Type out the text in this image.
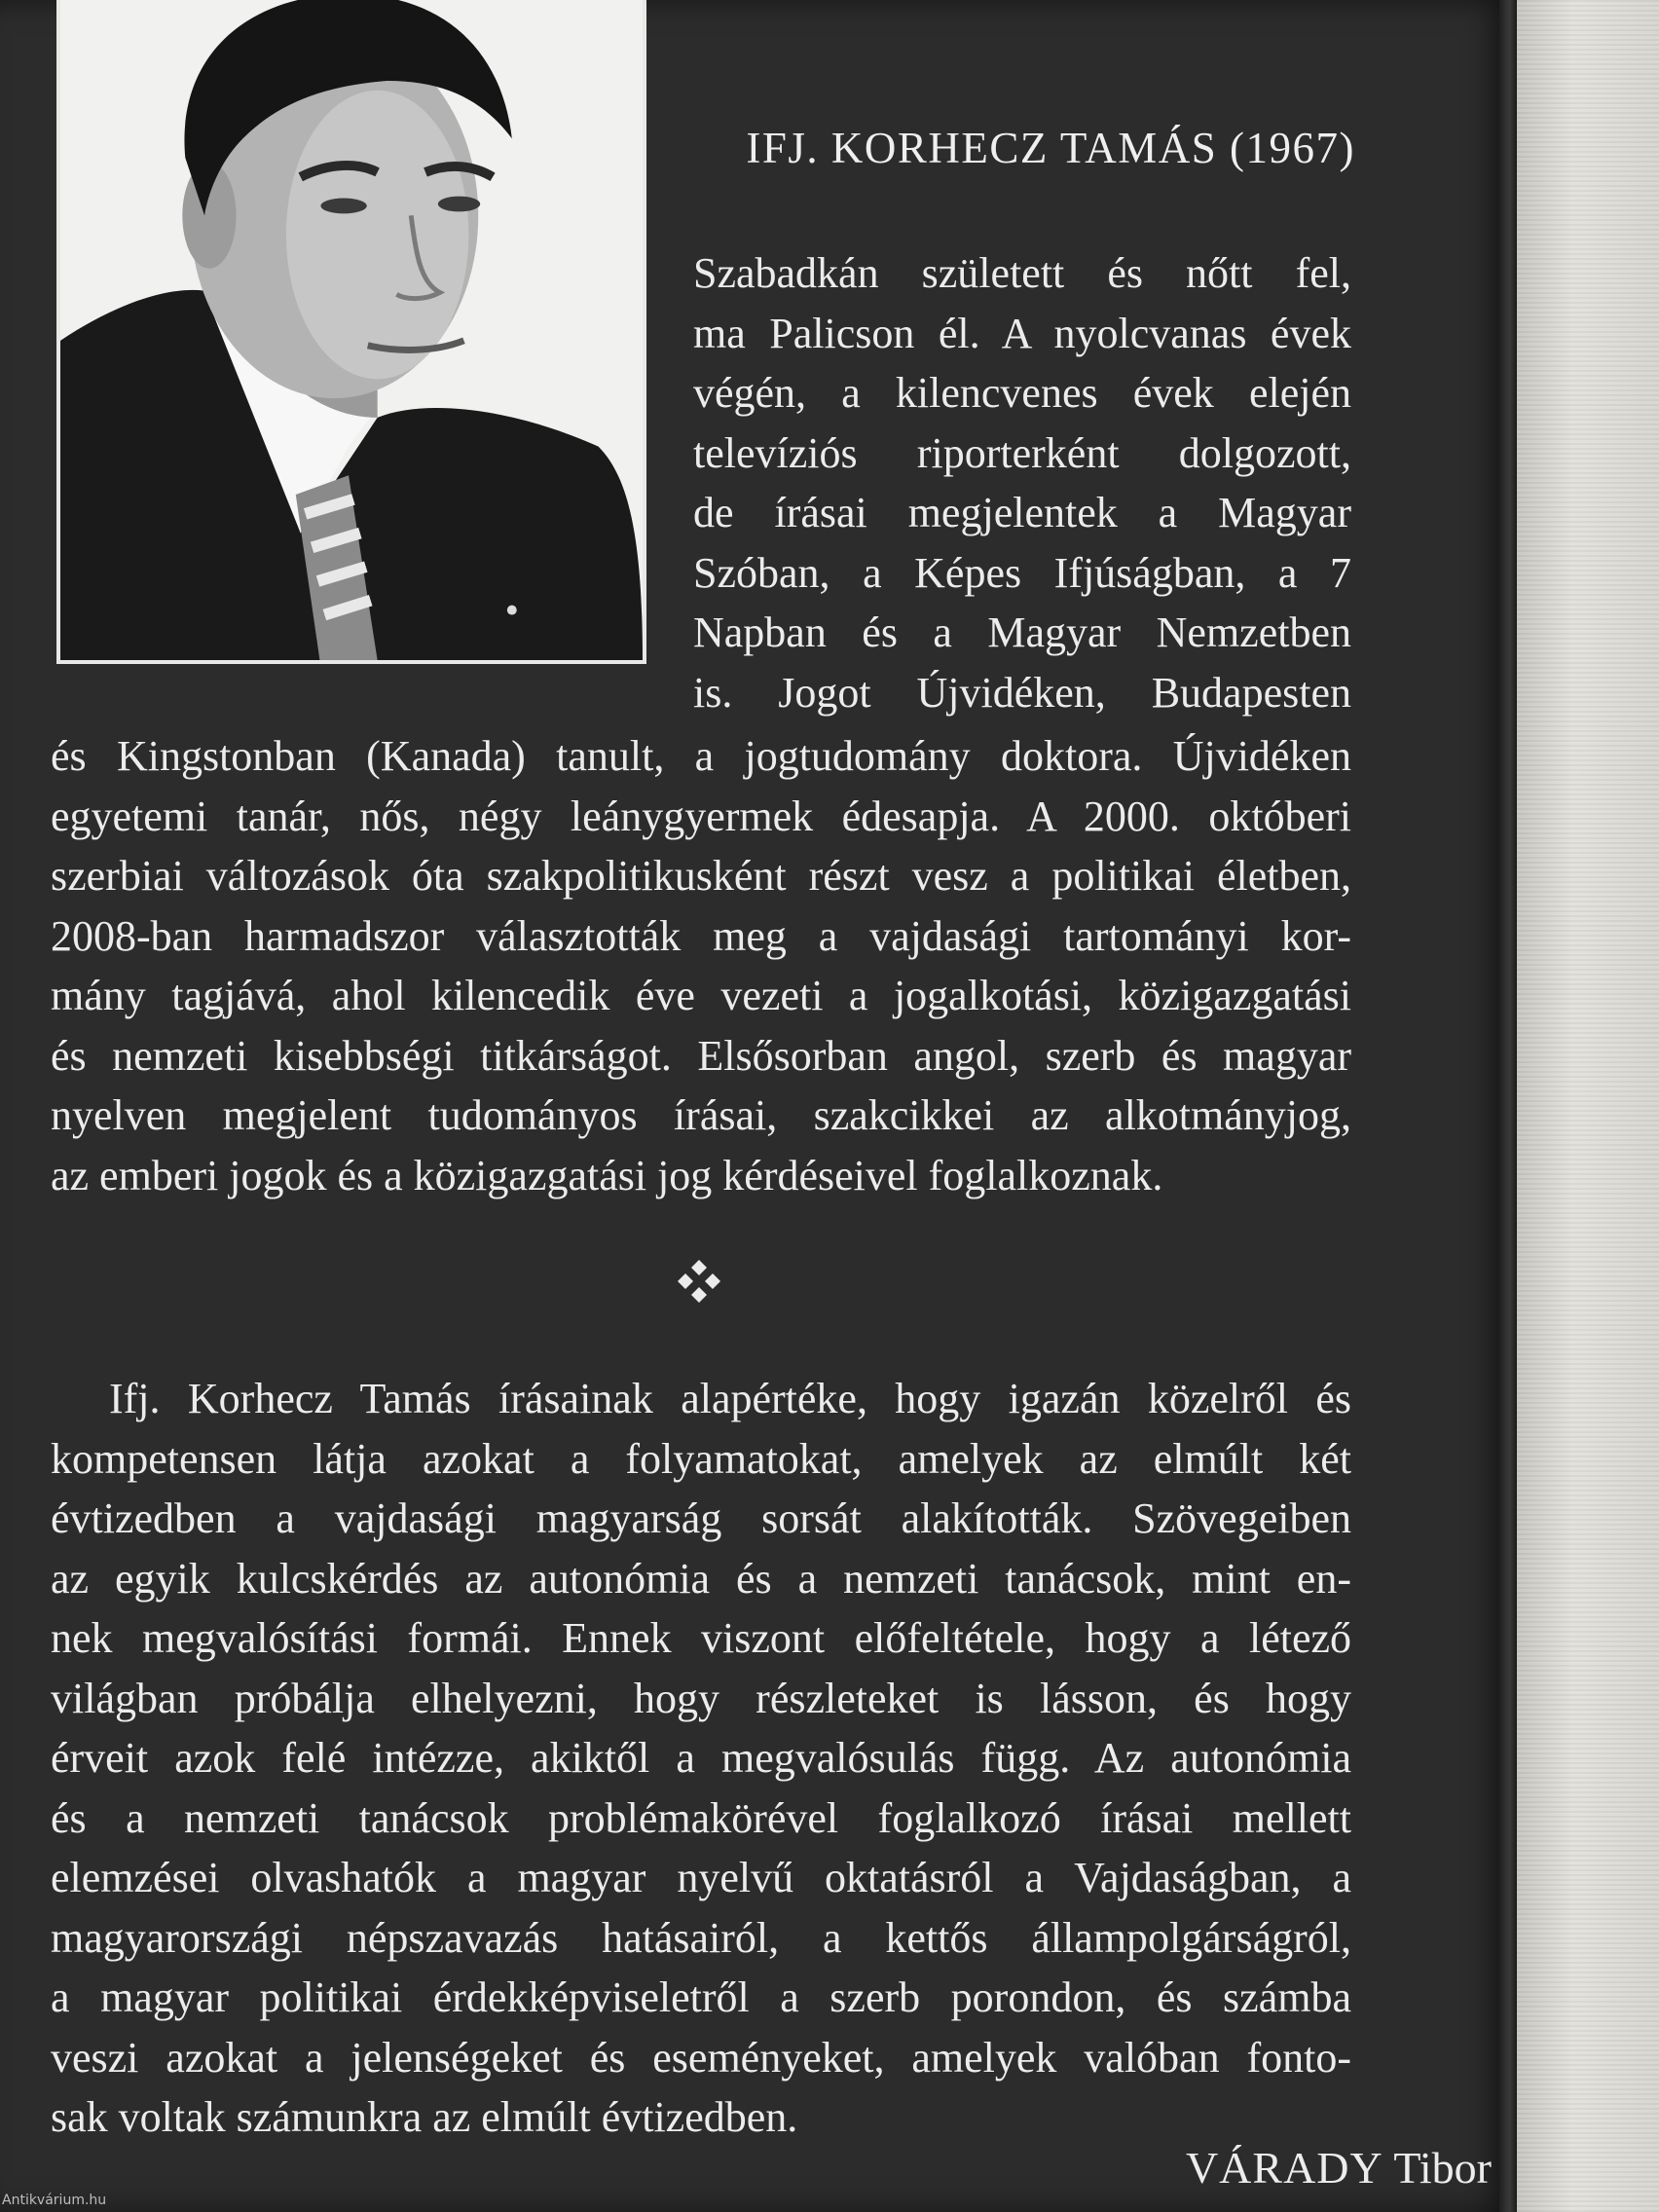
IFJ. KORHECZ TAMÁS (1967)
Szabadkán született és nőtt fel,
ma Palicson él. A nyolcvanas évek
végén, a kilencvenes évek elején
televíziós riporterként dolgozott,
de írásai megjelentek a Magyar
Szóban, a Képes Ifjúságban, a 7
Napban és a Magyar Nemzetben
is. Jogot Újvidéken, Budapesten
és Kingstonban (Kanada) tanult, a jogtudomány doktora. Újvidéken
egyetemi tanár, nős, négy leánygyermek édesapja. A 2000. októberi
szerbiai változások óta szakpolitikusként részt vesz a politikai életben,
2008-ban harmadszor választották meg a vajdasági tartományi kor-
mány tagjává, ahol kilencedik éve vezeti a jogalkotási, közigazgatási
és nemzeti kisebbségi titkárságot. Elsősorban angol, szerb és magyar
nyelven megjelent tudományos írásai, szakcikkei az alkotmányjog,
az emberi jogok és a közigazgatási jog kérdéseivel foglalkoznak.
Ifj. Korhecz Tamás írásainak alapértéke, hogy igazán közelről és
kompetensen látja azokat a folyamatokat, amelyek az elmúlt két
évtizedben a vajdasági magyarság sorsát alakították. Szövegeiben
az egyik kulcskérdés az autonómia és a nemzeti tanácsok, mint en-
nek megvalósítási formái. Ennek viszont előfeltétele, hogy a létező
világban próbálja elhelyezni, hogy részleteket is lásson, és hogy
érveit azok felé intézze, akiktől a megvalósulás függ. Az autonómia
és a nemzeti tanácsok problémakörével foglalkozó írásai mellett
elemzései olvashatók a magyar nyelvű oktatásról a Vajdaságban, a
magyarországi népszavazás hatásairól, a kettős állampolgárságról,
a magyar politikai érdekképviseletről a szerb porondon, és számba
veszi azokat a jelenségeket és eseményeket, amelyek valóban fonto-
sak voltak számunkra az elmúlt évtizedben.
VÁRADY Tibor
Antikvárium.hu
